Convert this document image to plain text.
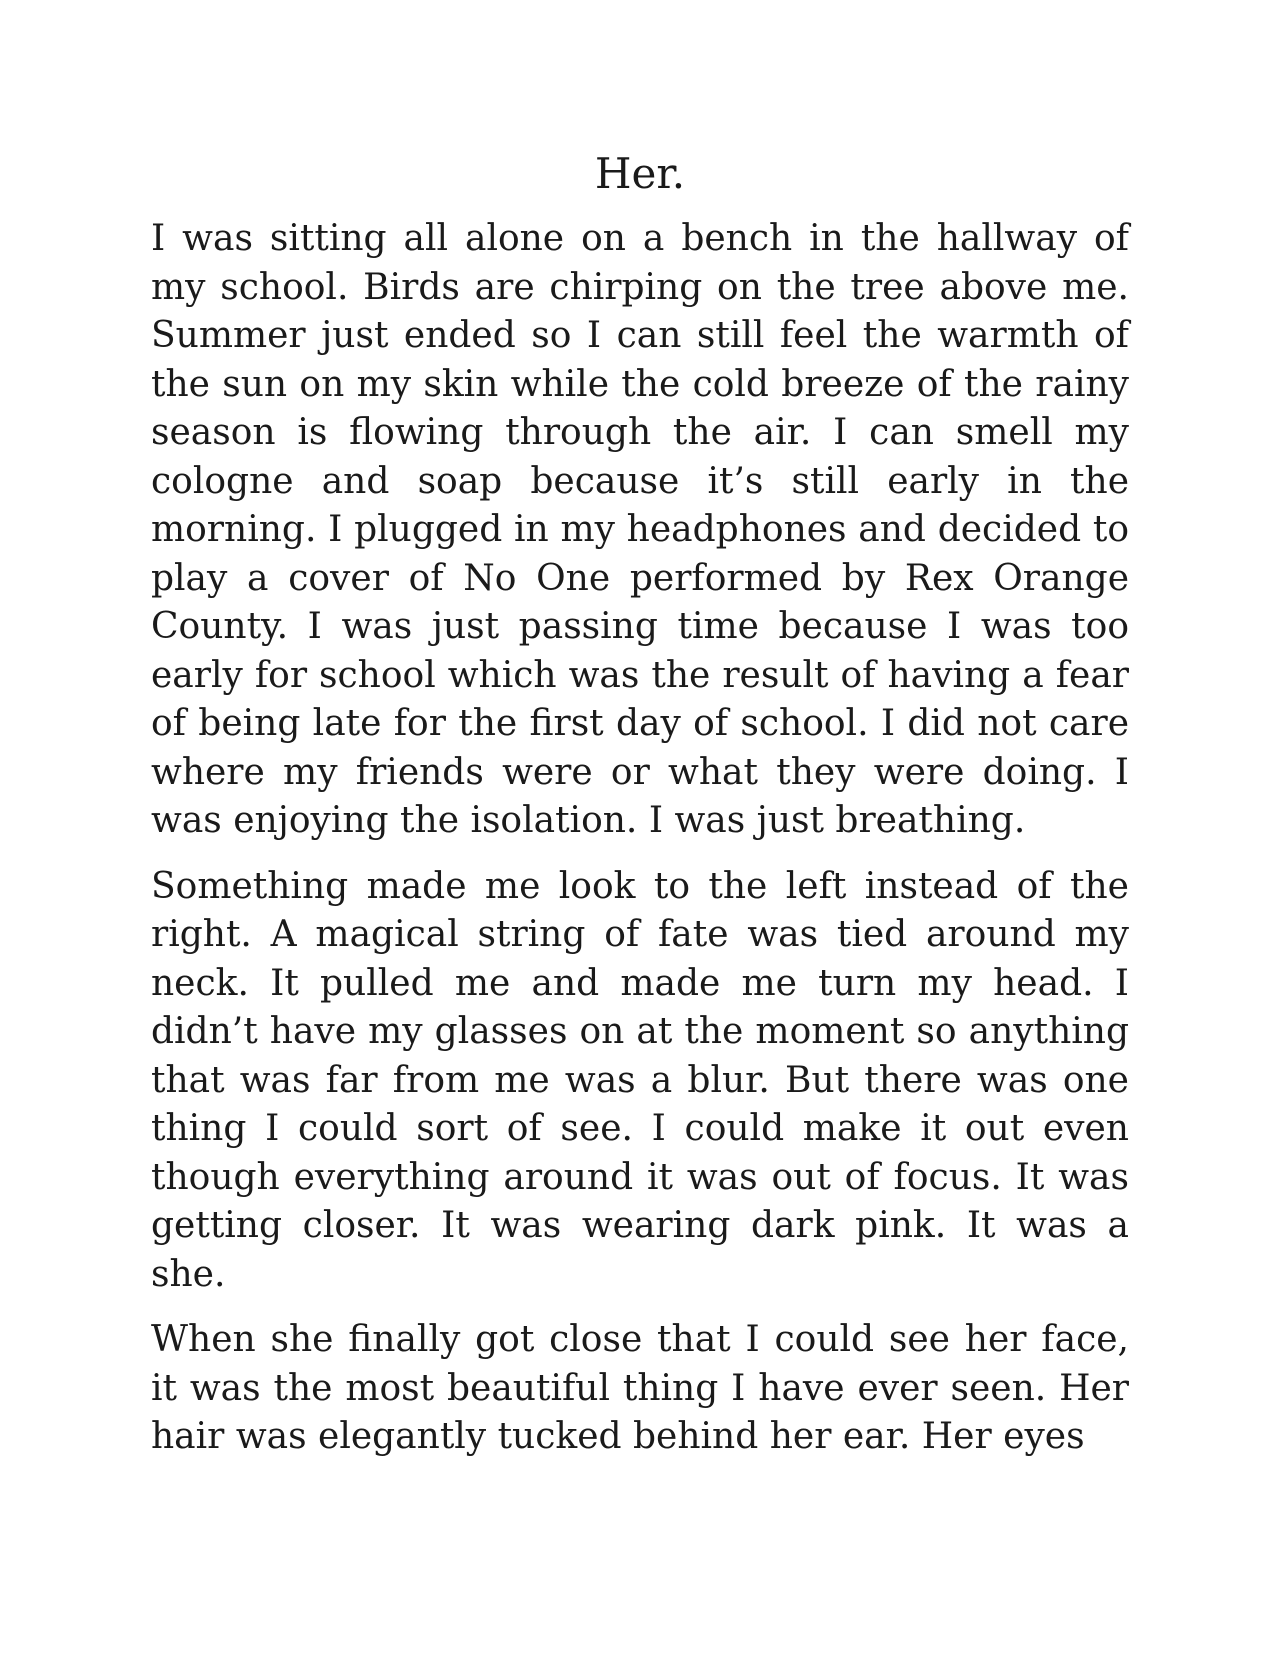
Her.

I was sitting all alone on a bench in the hallway of my school. Birds are chirping on the tree above me. Summer just ended so I can still feel the warmth of the sun on my skin while the cold breeze of the rainy season is flowing through the air. I can smell my cologne and soap because it’s still early in the morning. I plugged in my headphones and decided to play a cover of No One performed by Rex Orange County. I was just passing time because I was too early for school which was the result of having a fear of being late for the first day of school. I did not care where my friends were or what they were doing. I was enjoying the isolation. I was just breathing.

Something made me look to the left instead of the right. A magical string of fate was tied around my neck. It pulled me and made me turn my head. I didn’t have my glasses on at the moment so anything that was far from me was a blur. But there was one thing I could sort of see. I could make it out even though everything around it was out of focus. It was getting closer. It was wearing dark pink. It was a she.

When she finally got close that I could see her face, it was the most beautiful thing I have ever seen. Her hair was elegantly tucked behind her ear. Her eyes
